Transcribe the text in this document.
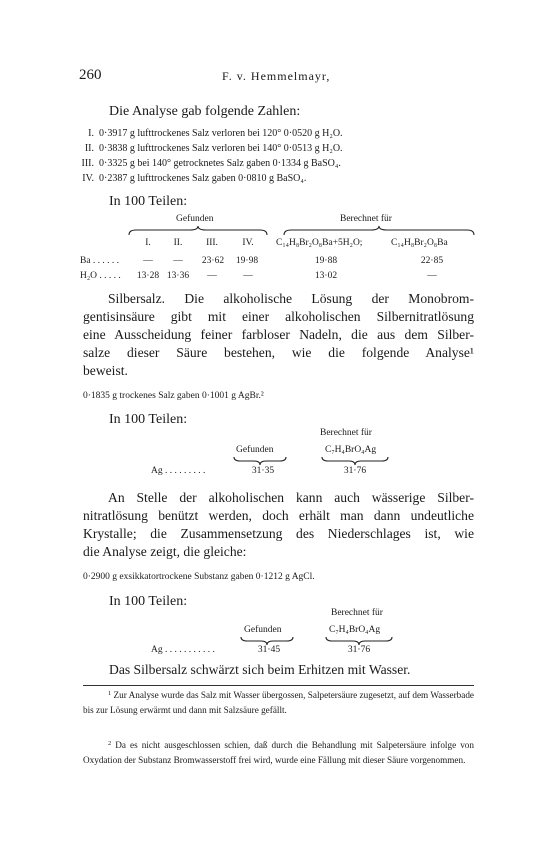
260	F. v. Hemmelmayr,
Die Analyse gab folgende Zahlen:
I. 0·3917 g lufttrockenes Salz verloren bei 120° 0·0520 g H₂O.
II. 0·3838 g lufttrockenes Salz verloren bei 140° 0·0513 g H₂O.
III. 0·3325 g bei 140° getrocknetes Salz gaben 0·1334 g BaSO₄.
IV. 0·2387 g lufttrockenes Salz gaben 0·0810 g BaSO₄.
In 100 Teilen:
Gefunden	Berechnet für
I.	II.	III.	IV.	C₁₄H₈Br₂O₈Ba+5H₂O;	C₁₄H₈Br₂O₈Ba
Ba . . . . . .	—	—	23·62	19·98	19·88	22·85
H₂O . . . . .	13·28 13·36	—	—	13·02	—
Silbersalz. Die alkoholische Lösung der Monobrom-
gentisinsäure gibt mit einer alkoholischen Silbernitratlösung
eine Ausscheidung feiner farbloser Nadeln, die aus dem Silber-
salze dieser Säure bestehen, wie die folgende Analyse¹
beweist.
0·1835 g trockenes Salz gaben 0·1001 g AgBr.²
In 100 Teilen:
Berechnet für
Gefunden	C₇H₄BrO₄Ag
Ag . . . . . . . . .	31·35	31·76
An Stelle der alkoholischen kann auch wässerige Silber-
nitratlösung benützt werden, doch erhält man dann undeutliche
Krystalle; die Zusammensetzung des Niederschlages ist, wie
die Analyse zeigt, die gleiche:
0·2900 g exsikkatortrockene Substanz gaben 0·1212 g AgCl.
In 100 Teilen:
Berechnet für
Gefunden	C₇H₄BrO₄Ag
Ag . . . . . . . . . . .	31·45	31·76
Das Silbersalz schwärzt sich beim Erhitzen mit Wasser.
$^1$ Zur Analyse wurde das Salz mit Wasser übergossen, Salpetersäure zugesetzt, auf dem Wasserbade bis zur Lösung erwärmt und dann mit Salzsäure gefällt.
$^2$ Da es nicht ausgeschlossen schien, daß durch die Behandlung mit Salpetersäure infolge von Oxydation der Substanz Bromwasserstoff frei wird, wurde eine Fällung mit dieser Säure vorgenommen.
